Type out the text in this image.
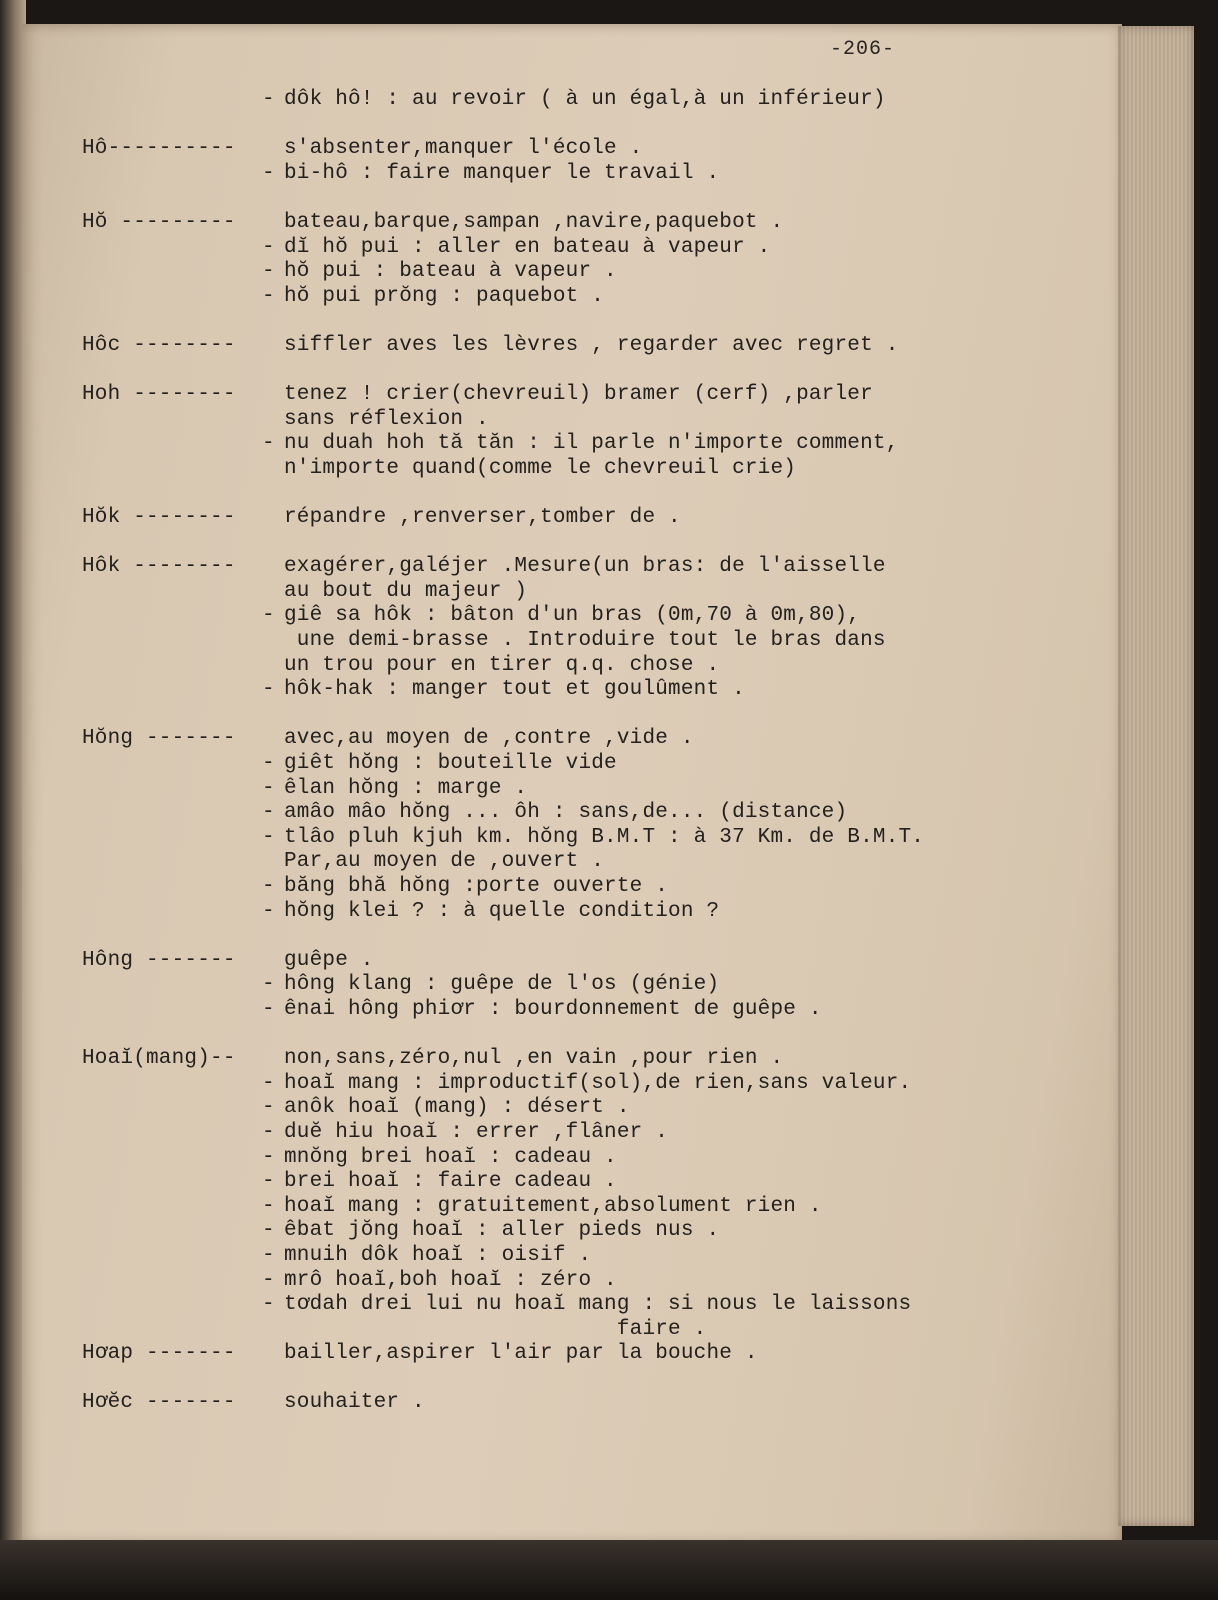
-206-
- dôk hô! : au revoir ( à un égal,à un inférieur)
Hô----------	s'absenter,manquer l'école .
- bi-hô : faire manquer le travail .
Hŏ ---------	bateau,barque,sampan ,navire,paquebot .
- dĭ hŏ pui : aller en bateau à vapeur .
- hŏ pui : bateau à vapeur .
- hŏ pui prŏng : paquebot .
Hôc --------	siffler aves les lèvres , regarder avec regret .
Hoh --------	tenez ! crier(chevreuil) bramer (cerf) ,parler
sans réflexion .
- nu duah hoh tă tăn : il parle n'importe comment,
n'importe quand(comme le chevreuil crie)
Hŏk --------	répandre ,renverser,tomber de .
Hôk --------	exagérer,galéjer .Mesure(un bras: de l'aisselle
au bout du majeur )
- giê sa hôk : bâton d'un bras (0m,70 à 0m,80),
une demi-brasse . Introduire tout le bras dans
un trou pour en tirer q.q. chose .
- hôk-hak : manger tout et goulûment .
Hŏng -------	avec,au moyen de ,contre ,vide .
- giêt hŏng : bouteille vide
- êlan hŏng : marge .
- amâo mâo hŏng ... ôh : sans,de... (distance)
- tlâo pluh kjuh km. hŏng B.M.T : à 37 Km. de B.M.T.
Par,au moyen de ,ouvert .
- băng bhă hŏng :porte ouverte .
- hŏng klei ? : à quelle condition ?
Hông -------	guêpe .
- hông klang : guêpe de l'os (génie)
- ênai hông phiơr : bourdonnement de guêpe .
Hoaĭ(mang)--	non,sans,zéro,nul ,en vain ,pour rien .
- hoaĭ mang : improductif(sol),de rien,sans valeur.
- anôk hoaĭ (mang) : désert .
- duĕ hiu hoaĭ : errer ,flâner .
- mnŏng brei hoaĭ : cadeau .
- brei hoaĭ : faire cadeau .
- hoaĭ mang : gratuitement,absolument rien .
- êbat jŏng hoaĭ : aller pieds nus .
- mnuih dôk hoaĭ : oisif .
- mrô hoaĭ,boh hoaĭ : zéro .
- tơdah drei lui nu hoaĭ mang : si nous le laissons
faire .
Hơap -------	bailler,aspirer l'air par la bouche .
Hơĕc -------	souhaiter .
